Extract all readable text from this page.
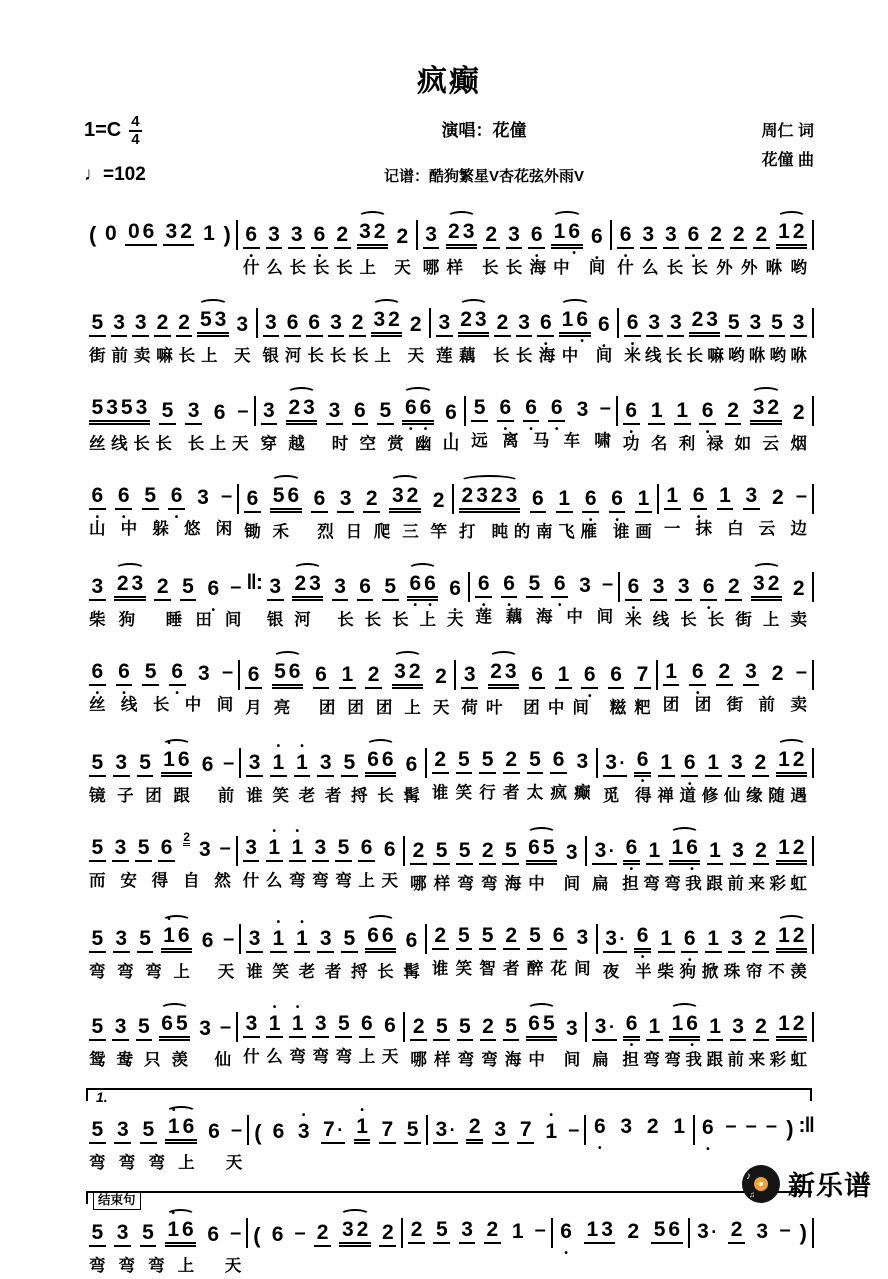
疯癫
$1=C \frac{4}{4}$
♩=102
演唱：花僮
记谱：酷狗繁星V杏花弦外雨V
周仁 词
花僮 曲
( 0 0 6 3 2 1 ) 6 • 3 3 6 • 2 3 2 2
什 么 长 长 长 上
天
3 2 3 2 3 6 • 1 6 • 6 •
哪 样
长 长 海 中
间
6 • 3 3 6 • 2 2 2 1 2
什 么 长 长 外 外 咻 哟
5 3 3 2 2 5 3 3
街 前 卖 嘛 长 上
天
3 6 6 3 2 3 2 2
银 河 长 长 长 上
天
3 2 3 2 3 6 • 1 6 • 6 •
莲 藕
长 长 海 中
间
6 • 3 3 2 3 5 3 5 3
米 线 长 长 嘛 哟 咻 哟 咻
5 3 5 3 5 3 6 –
丝 线 长 长
长 上 天
3 2 3 3 6 5 6 • 6 • 6 •
穿 越
时 空 赏 幽 山
5 6 • 6 • 6 • 3 –
远 离 马 车 啸
6 • 1 1 6 • 2 3 2 2
功 名 利 禄 如 云 烟
6 • 6 • 5 6 • 3 –
山 中 躲 悠 闲
6 5 6 6 3 2 3 2 2
锄 禾
烈 日 爬 三 竿
2 3 2 3 6 1 6 • 6 • 1
打
盹 的 南 飞 雁
谁 画
1 6 • 1 3 2 –
一 抹 白 云 边
3 2 3 2 5 6 • –
柴 狗
睡 田 间
‖: 3 2 3 3 6 5 6 • 6 • 6 •
银 河
长 长 长 上 天
6 • 6 • 5 6 • 3 –
莲 藕 海 中 间
6 • 3 3 6 • 2 3 2 2
米 线 长 长 街 上 卖
6 • 6 • 5 6 • 3 –
丝 线 长 中 间
6 5 6 6 1 2 3 2 2
月 亮
团 团 团 上 天
3 2 3 6 1 6 • 6 7
荷 叶
团 中 间
糍 粑
1 6 • 2 3 2 –
团 团 街 前 卖
5 3 5 1 • 6 6 –
镜 子 团 跟
前
3 1 • 1 • 3 5 6 6 6
谁 笑 老 者 捋 长 髯
2 5 5 2 5 6 3
谁 笑 行 者 太 疯 癫
3 · 6 • 1 6 • 1 3 2 1 2
觅
得 禅 道 修 仙 缘 随 遇
5 3 5 6 2
3 –
而 安 得 自 然
3 1 • 1 • 3 5 6 6
什 么 弯 弯 弯 上 天
2 5 5 2 5 6 5 3
哪 样 弯 弯 海 中
间
3 · 6 • 1 1 6 • 1 3 2 1 2
扁
担 弯 弯 我 跟 前 来 彩 虹
5 3 5 1 • 6 6 –
弯 弯 弯 上
天
3 1 • 1 • 3 5 6 6 6
谁 笑 老 者 捋 长 髯
2 5 5 2 5 6 3
谁 笑 智 者 醉 花 间
3 · 6 • 1 6 • 1 3 2 1 2
夜
半 柴 狗 掀 珠 帘 不 羡
5 3 5 6 5 3 –
鸳 鸯 只 羡
仙
3 1 • 1 • 3 5 6 6
什 么 弯 弯 弯 上 天
2 5 5 2 5 6 5 3
哪 样 弯 弯 海 中
间
3 · 6 • 1 1 6 • 1 3 2 1 2
扁
担 弯 弯 我 跟 前 来 彩 虹
1.
5 3 5 1 • 6 6 –
弯 弯 弯 上
天
( 6 3 • 7 · 1 • 7 5 3 · 2 3 7 1 • – 6 • 3 2 1 6 • – – – ) :‖
结束句
5 3 5 1 • 6 6 –
弯 弯 弯 上
天
( 6 – 2 3 2 2 2 5 3 2 1 – 6 • 1 3 2 5 6 3 · 2 3 – )
♪
♫ 新乐谱
